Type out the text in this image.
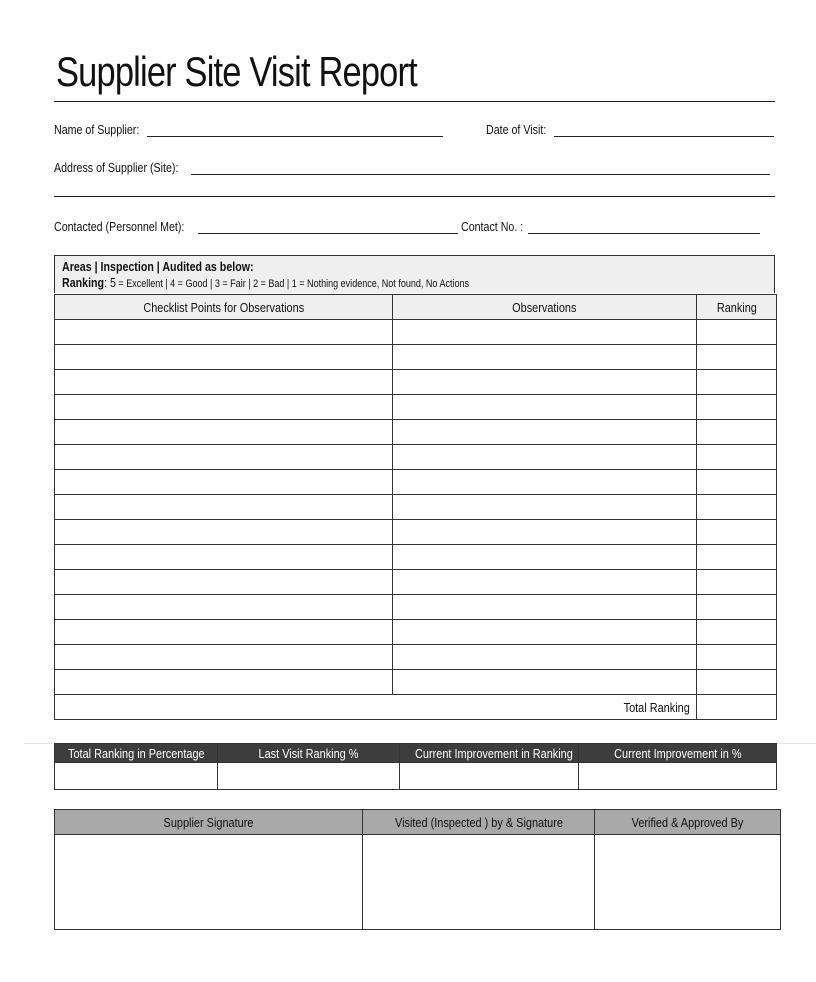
Supplier Site Visit Report
Name of Supplier:	Date of Visit:
Address of Supplier (Site):
Contacted (Personnel Met):	Contact No. :
Areas | Inspection | Audited as below:
Ranking: 5 = Excellent | 4 = Good | 3 = Fair | 2 = Bad | 1 = Nothing evidence, Not found, No Actions
Checklist Points for Observations	Observations	Ranking

Total Ranking		
Total Ranking in Percentage	Last Visit Ranking %	Current Improvement in Ranking	Current Improvement in %

Supplier Signature	Visited (Inspected ) by & Signature	Verified & Approved By
